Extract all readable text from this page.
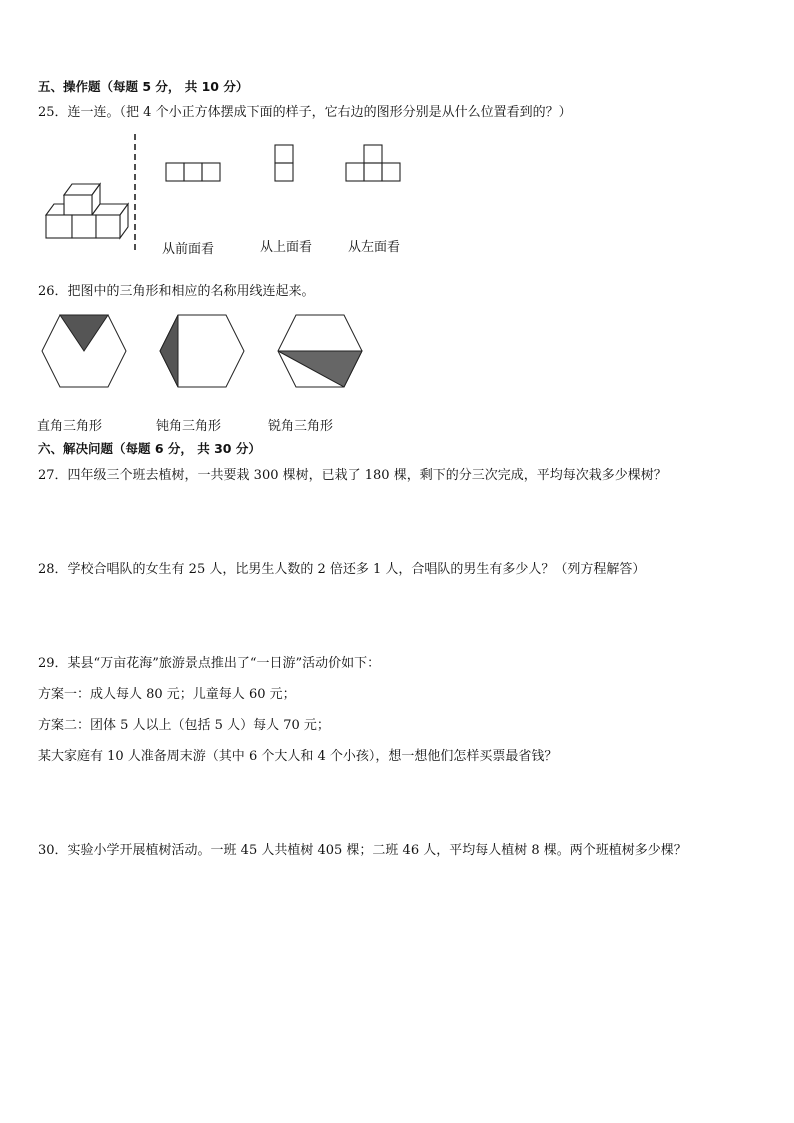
五、操作题（每题 5 分， 共 10 分）
25．连一连。（把 4 个小正方体摆成下面的样子，它右边的图形分别是从什么位置看到的？）
从前面看	从上面看	从左面看
26．把图中的三角形和相应的名称用线连起来。
直角三角形	钝角三角形	锐角三角形
六、解决问题（每题 6 分， 共 30 分）
27．四年级三个班去植树，一共要栽 300 棵树，已栽了 180 棵，剩下的分三次完成，平均每次栽多少棵树？
28．学校合唱队的女生有 25 人，比男生人数的 2 倍还多 1 人，合唱队的男生有多少人？（列方程解答）
29．某县“万亩花海”旅游景点推出了“一日游”活动价如下：
方案一：成人每人 80 元；儿童每人 60 元；
方案二：团体 5 人以上（包括 5 人）每人 70 元；
某大家庭有 10 人准备周末游（其中 6 个大人和 4 个小孩），想一想他们怎样买票最省钱？
30．实验小学开展植树活动。一班 45 人共植树 405 棵；二班 46 人，平均每人植树 8 棵。两个班植树多少棵？
